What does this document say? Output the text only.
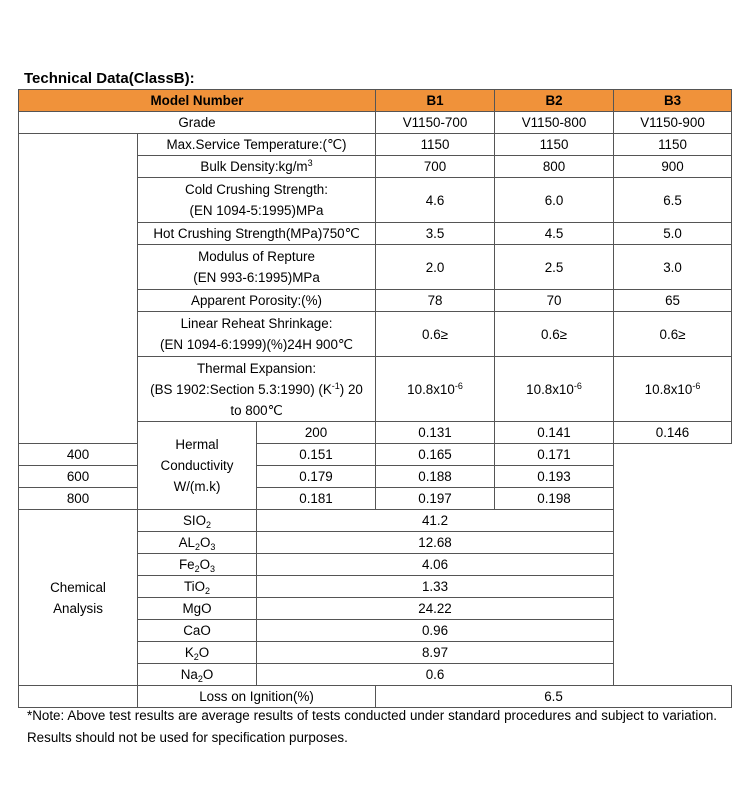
Technical Data(ClassB):
Model Number			B1	B2	B3
Grade			V1150-700	V1150-800	V1150-900
	Max.Service Temperature:(℃)		1150	1150	1150
	Bulk $Density:kg/m^3$		700	800	900
	Cold Crushing Strength:
(EN 1094-5:1995)MPa		4.6	6.0	6.5
	Hot Crushing Strength(MPa)750℃		3.5	4.5	5.0
	Modulus of Repture
(EN 993-6:1995)MPa		2.0	2.5	3.0
	Apparent Porosity:(%)		78	70	65
	Linear Reheat Shrinkage:
(EN 1094-6:1999)(%)24H 900℃		0.6≥	0.6≥	0.6≥
	Thermal Expansion:
(BS 1902:Section 5.3:1990) $(K^{-1})$ 20
to 800℃		$10.8x10^{-6}$	$10.8x10^{-6}$	$10.8x10^{-6}$
	Hermal
Conductivity
W/(m.k)	200	0.131	0.141	0.146
400		0.151	0.165	0.171	
600		0.179	0.188	0.193	
800		0.181	0.197	0.198	
Chemical
Analysis	$SIO_2$	41.2			
	$AL_2O_3$	12.68			
	$Fe_2O_3$	4.06			
	TiO$_2$	1.33			
	MgO	24.22			
	CaO	0.96			
	$K_2O$	8.97			
	$Na_2O$	0.6			
	Loss on Ignition(%)		6.5		
*Note: Above test results are average results of tests conducted under standard procedures and subject to variation. Results should not be used for specification purposes.
